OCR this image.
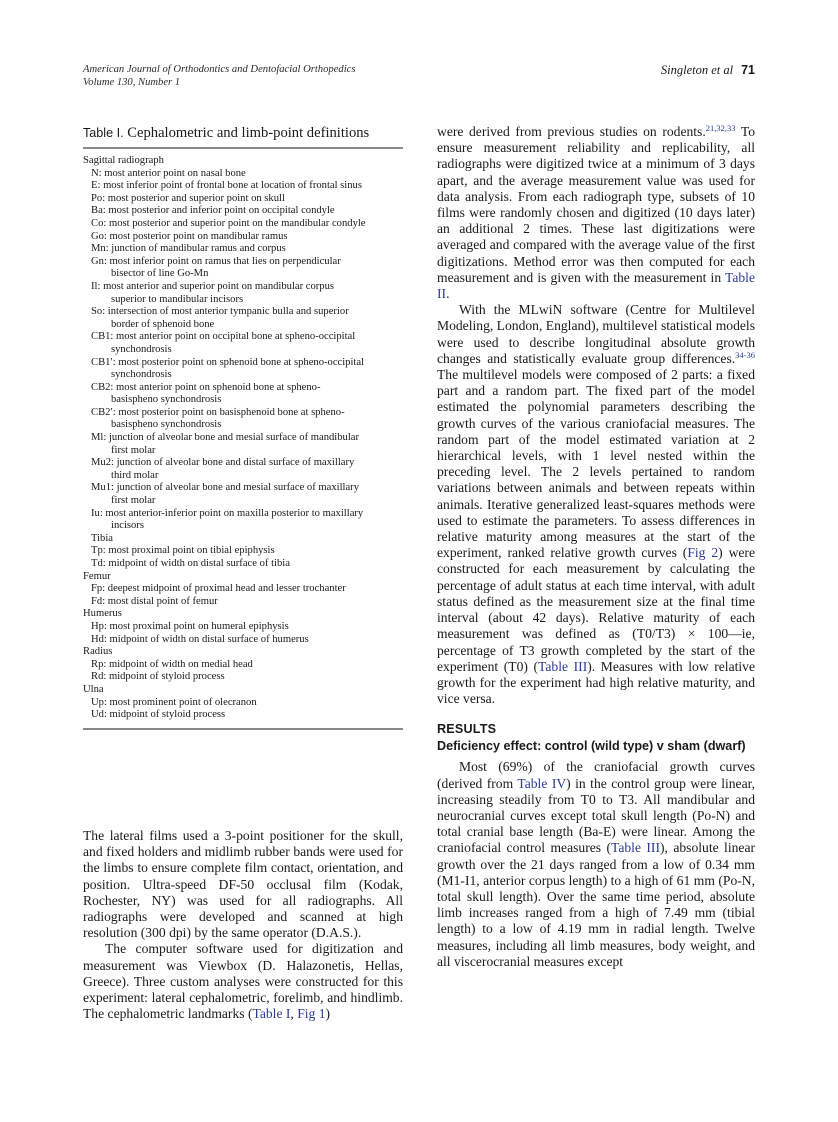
American Journal of Orthodontics and Dentofacial Orthopedics
Volume 130, Number 1
Singleton et al 71
Table I. Cephalometric and limb-point definitions
Sagittal radiograph
N: most anterior point on nasal bone
E: most inferior point of frontal bone at location of frontal sinus
Po: most posterior and superior point on skull
Ba: most posterior and inferior point on occipital condyle
Co: most posterior and superior point on the mandibular condyle
Go: most posterior point on mandibular ramus
Mn: junction of mandibular ramus and corpus
Gn: most inferior point on ramus that lies on perpendicular
bisector of line Go-Mn
Il: most anterior and superior point on mandibular corpus
superior to mandibular incisors
So: intersection of most anterior tympanic bulla and superior
border of sphenoid bone
CB1: most anterior point on occipital bone at spheno-occipital
synchondrosis
CB1′: most posterior point on sphenoid bone at spheno-occipital
synchondrosis
CB2: most anterior point on sphenoid bone at spheno-
basispheno synchondrosis
CB2′: most posterior point on basisphenoid bone at spheno-
basispheno synchondrosis
Ml: junction of alveolar bone and mesial surface of mandibular
first molar
Mu2: junction of alveolar bone and distal surface of maxillary
third molar
Mu1: junction of alveolar bone and mesial surface of maxillary
first molar
Iu: most anterior-inferior point on maxilla posterior to maxillary
incisors
Tibia
Tp: most proximal point on tibial epiphysis
Td: midpoint of width on distal surface of tibia
Femur
Fp: deepest midpoint of proximal head and lesser trochanter
Fd: most distal point of femur
Humerus
Hp: most proximal point on humeral epiphysis
Hd: midpoint of width on distal surface of humerus
Radius
Rp: midpoint of width on medial head
Rd: midpoint of styloid process
Ulna
Up: most prominent point of olecranon
Ud: midpoint of styloid process

The lateral films used a 3-point positioner for the skull, and fixed holders and midlimb rubber bands were used for the limbs to ensure complete film contact, orientation, and position. Ultra-speed DF-50 occlusal film (Kodak, Rochester, NY) was used for all radiographs. All radiographs were developed and scanned at high resolution (300 dpi) by the same operator (D.A.S.).

The computer software used for digitization and measurement was Viewbox (D. Halazonetis, Hellas, Greece). Three custom analyses were constructed for this experiment: lateral cephalometric, forelimb, and hindlimb. The cephalometric landmarks (Table I, Fig 1)

were derived from previous studies on rodents.$^{21,32,33}$ To ensure measurement reliability and replicability, all radiographs were digitized twice at a minimum of 3 days apart, and the average measurement value was used for data analysis. From each radiograph type, subsets of 10 films were randomly chosen and digitized (10 days later) an additional 2 times. These last digitizations were averaged and compared with the average value of the first digitizations. Method error was then computed for each measurement and is given with the measurement in Table II.

With the MLwiN software (Centre for Multilevel Modeling, London, England), multilevel statistical models were used to describe longitudinal absolute growth changes and statistically evaluate group differences.$^{34-36}$ The multilevel models were composed of 2 parts: a fixed part and a random part. The fixed part of the model estimated the polynomial parameters describing the growth curves of the various craniofacial measures. The random part of the model estimated variation at 2 hierarchical levels, with 1 level nested within the preceding level. The 2 levels pertained to random variations between animals and between repeats within animals. Iterative generalized least-squares methods were used to estimate the parameters. To assess differences in relative maturity among measures at the start of the experiment, ranked relative growth curves (Fig 2) were constructed for each measurement by calculating the percentage of adult status at each time interval, with adult status defined as the measurement size at the final time interval (about 42 days). Relative maturity of each measurement was defined as (T0/T3) × 100—ie, percentage of T3 growth completed by the start of the experiment (T0) (Table III). Measures with low relative growth for the experiment had high relative maturity, and vice versa.

RESULTS
Deficiency effect: control (wild type) v sham (dwarf)

Most (69%) of the craniofacial growth curves (derived from Table IV) in the control group were linear, increasing steadily from T0 to T3. All mandibular and neurocranial curves except total skull length (Po-N) and total cranial base length (Ba-E) were linear. Among the craniofacial control measures (Table III), absolute linear growth over the 21 days ranged from a low of 0.34 mm (M1-I1, anterior corpus length) to a high of 61 mm (Po-N, total skull length). Over the same time period, absolute limb increases ranged from a high of 7.49 mm (tibial length) to a low of 4.19 mm in radial length. Twelve measures, including all limb measures, body weight, and all viscerocranial measures except
